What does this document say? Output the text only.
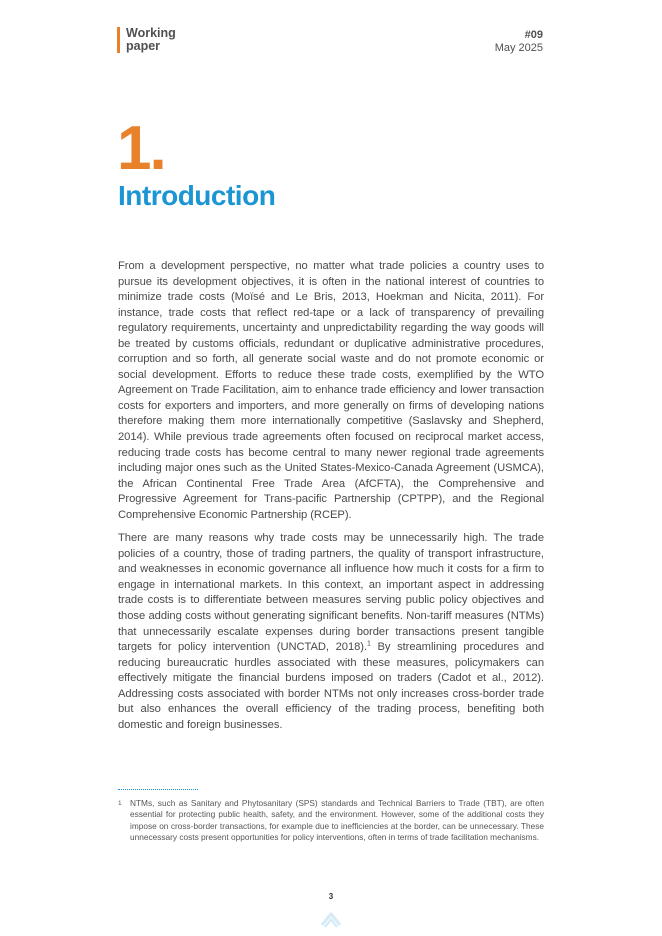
Working
paper
#09
May 2025
1.
Introduction

From a development perspective, no matter what trade policies a country uses to pursue its development objectives, it is often in the national interest of countries to minimize trade costs (Moïsé and Le Bris, 2013, Hoekman and Nicita, 2011). For instance, trade costs that reflect red-tape or a lack of transparency of prevailing regulatory requirements, uncertainty and unpredictability regarding the way goods will be treated by customs officials, redundant or duplicative administrative procedures, corruption and so forth, all generate social waste and do not promote economic or social development. Efforts to reduce these trade costs, exemplified by the WTO Agreement on Trade Facilitation, aim to enhance trade efficiency and lower transaction costs for exporters and importers, and more generally on firms of developing nations therefore making them more internationally competitive (Saslavsky and Shepherd, 2014). While previous trade agreements often focused on reciprocal market access, reducing trade costs has become central to many newer regional trade agreements including major ones such as the United States-Mexico-Canada Agreement (USMCA), the African Continental Free Trade Area (AfCFTA), the Comprehensive and Progressive Agreement for Trans-pacific Partnership (CPTPP), and the Regional Comprehensive Economic Partnership (RCEP).

There are many reasons why trade costs may be unnecessarily high. The trade policies of a country, those of trading partners, the quality of transport infrastructure, and weaknesses in economic governance all influence how much it costs for a firm to engage in international markets. In this context, an important aspect in addressing trade costs is to differentiate between measures serving public policy objectives and those adding costs without generating significant benefits. Non-tariff measures (NTMs) that unnecessarily escalate expenses during border transactions present tangible targets for policy intervention (UNCTAD, 2018).$^1$ By streamlining procedures and reducing bureaucratic hurdles associated with these measures, policymakers can effectively mitigate the financial burdens imposed on traders (Cadot et al., 2012). Addressing costs associated with border NTMs not only increases cross-border trade but also enhances the overall efficiency of the trading process, benefiting both domestic and foreign businesses.

1 NTMs, such as Sanitary and Phytosanitary (SPS) standards and Technical Barriers to Trade (TBT), are often essential for protecting public health, safety, and the environment. However, some of the additional costs they impose on cross-border transactions, for example due to inefficiencies at the border, can be unnecessary. These unnecessary costs present opportunities for policy interventions, often in terms of trade facilitation mechanisms.
3
